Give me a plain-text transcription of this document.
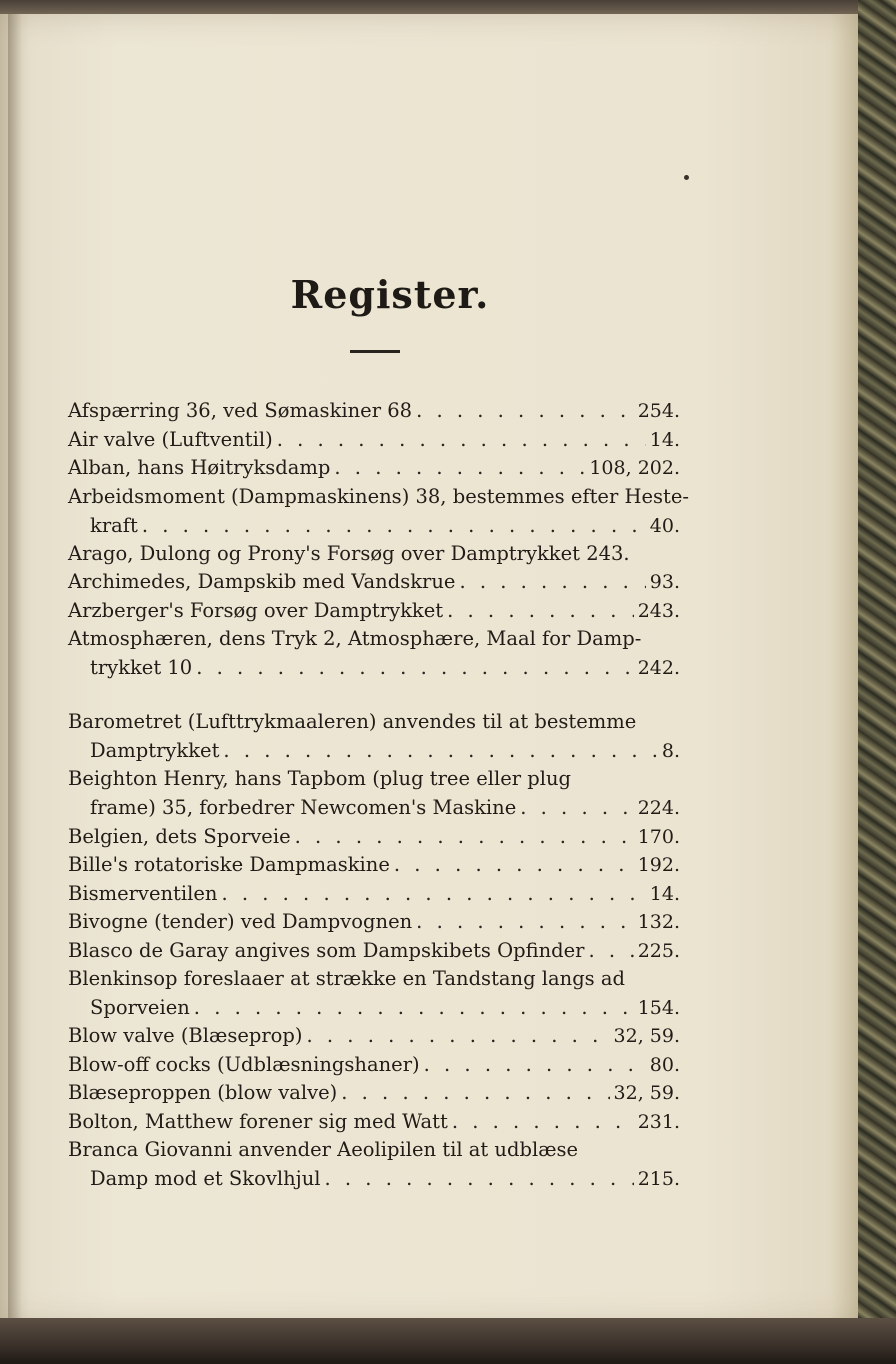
Register.
Afspærring 36, ved Sømaskiner 68 . . .	254.
Air valve (Luftventil) . . .	14.
Alban, hans Høitryksdamp . . .	108, 202.
Arbeidsmoment (Dampmaskinens) 38, bestemmes efter Heste-
kraft . . .	40.
Arago, Dulong og Prony's Forsøg over Damptrykket 243.
Archimedes, Dampskib med Vandskrue . . .	93.
Arzberger's Forsøg over Damptrykket . . .	243.
Atmosphæren, dens Tryk 2, Atmosphære, Maal for Damp-
trykket 10 . . .	242.
Barometret (Lufttrykmaaleren) anvendes til at bestemme
Damptrykket . . .	8.
Beighton Henry, hans Tapbom (plug tree eller plug
frame) 35, forbedrer Newcomen's Maskine . . .	224.
Belgien, dets Sporveie . . .	170.
Bille's rotatoriske Dampmaskine . . .	192.
Bismerventilen . . .	14.
Bivogne (tender) ved Dampvognen . . .	132.
Blasco de Garay angives som Dampskibets Opfinder . . .	225.
Blenkinsop foreslaaer at strække en Tandstang langs ad
Sporveien . . .	154.
Blow valve (Blæseprop) . . .	32, 59.
Blow-off cocks (Udblæsningshaner) . . .	80.
Blæseproppen (blow valve) . . .	32, 59.
Bolton, Matthew forener sig med Watt . . .	231.
Branca Giovanni anvender Aeolipilen til at udblæse
Damp mod et Skovlhjul . . .	215.
